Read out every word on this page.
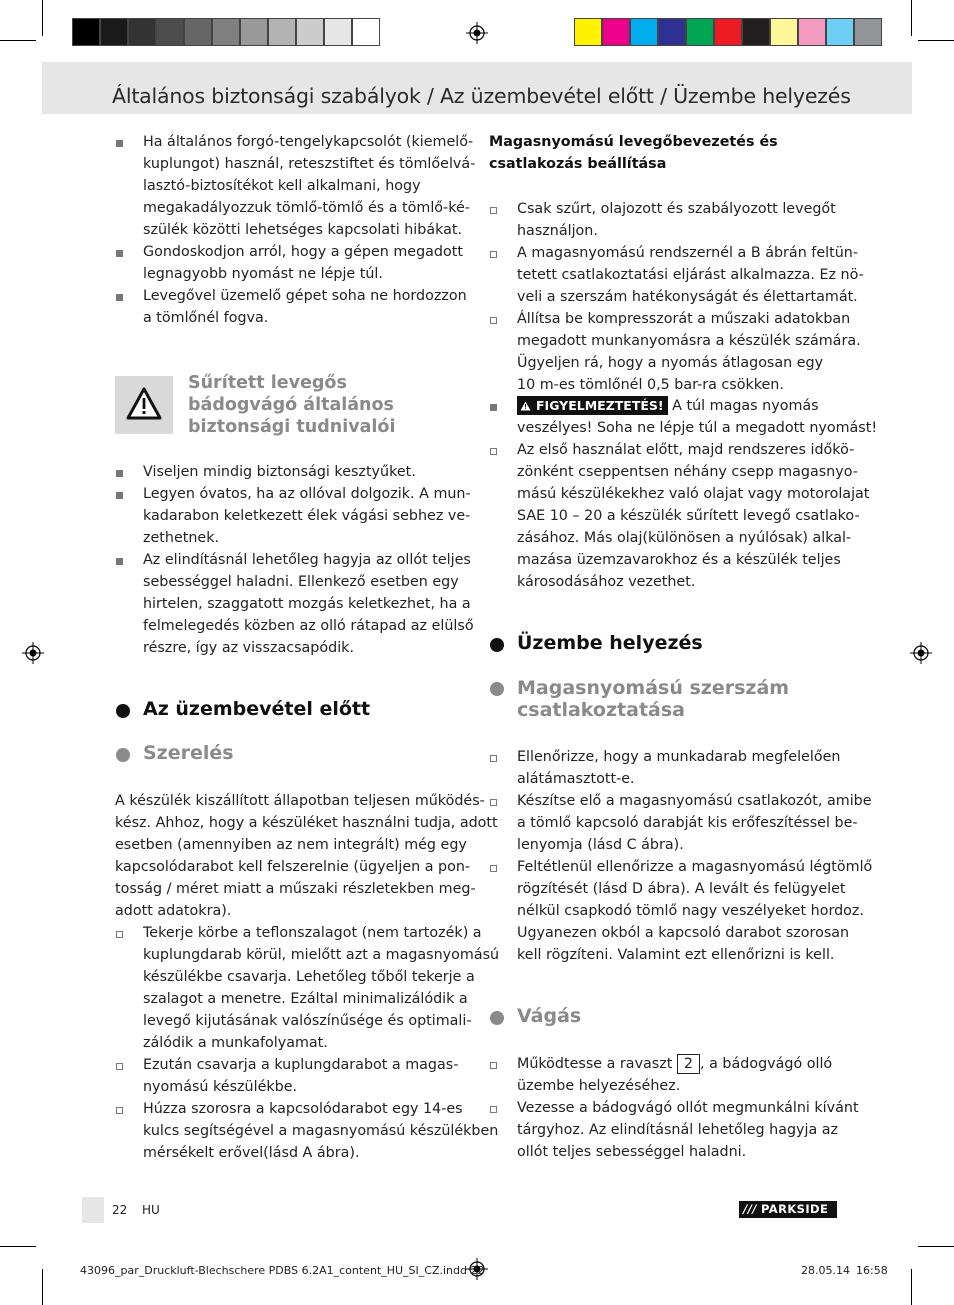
Általános biztonsági szabályok / Az üzembevétel előtt / Üzembe helyezés
Ha általános forgó-tengelykapcsolót (kiemelő-
kuplungot) használ, reteszstiftet és tömlőelvá-
lasztó-biztosítékot kell alkalmani, hogy
megakadályozzuk tömlő-tömlő és a tömlő-ké-
szülék közötti lehetséges kapcsolati hibákat.
Gondoskodjon arról, hogy a gépen megadott
legnagyobb nyomást ne lépje túl.
Levegővel üzemelő gépet soha ne hordozzon
a tömlőnél fogva.
Sűrített levegős
bádogvágó általános
biztonsági tudnivalói
Viseljen mindig biztonsági kesztyűket.
Legyen óvatos, ha az ollóval dolgozik. A mun-
kadarabon keletkezett élek vágási sebhez ve-
zethetnek.
Az elindításnál lehetőleg hagyja az ollót teljes
sebességgel haladni. Ellenkező esetben egy
hirtelen, szaggatott mozgás keletkezhet, ha a
felmelegedés közben az olló rátapad az elülső
részre, így az visszacsapódik.
Az üzembevétel előtt
Szerelés
A készülék kiszállított állapotban teljesen működés-
kész. Ahhoz, hogy a készüléket használni tudja, adott
esetben (amennyiben az nem integrált) még egy
kapcsolódarabot kell felszerelnie (ügyeljen a pon-
tosság / méret miatt a műszaki részletekben meg-
adott adatokra).
Tekerje körbe a teflonszalagot (nem tartozék) a
kuplungdarab körül, mielőtt azt a magasnyomású
készülékbe csavarja. Lehetőleg tőből tekerje a
szalagot a menetre. Ezáltal minimalizálódik a
levegő kijutásának valószínűsége és optimali-
zálódik a munkafolyamat.
Ezután csavarja a kuplungdarabot a magas-
nyomású készülékbe.
Húzza szorosra a kapcsolódarabot egy 14-es
kulcs segítségével a magasnyomású készülékben
mérsékelt erővel(lásd A ábra).
Magasnyomású levegőbevezetés és
csatlakozás beállítása
Csak szűrt, olajozott és szabályozott levegőt
használjon.
A magasnyomású rendszernél a B ábrán feltün-
tetett csatlakoztatási eljárást alkalmazza. Ez nö-
veli a szerszám hatékonyságát és élettartamát.
Állítsa be kompresszorát a műszaki adatokban
megadott munkanyomásra a készülék számára.
Ügyeljen rá, hogy a nyomás átlagosan egy
10 m-es tömlőnél 0,5 bar-ra csökken.
FIGYELMEZTETÉS! A túl magas nyomás
veszélyes! Soha ne lépje túl a megadott nyomást!
Az első használat előtt, majd rendszeres időkö-
zönként cseppentsen néhány csepp magasnyo-
mású készülékekhez való olajat vagy motorolajat
SAE 10 – 20 a készülék sűrített levegő csatlako-
zásához. Más olaj(különösen a nyúlósak) alkal-
mazása üzemzavarokhoz és a készülék teljes
károsodásához vezethet.
Üzembe helyezés
Magasnyomású szerszám
csatlakoztatása
Ellenőrizze, hogy a munkadarab megfelelően
alátámasztott-e.
Készítse elő a magasnyomású csatlakozót, amibe
a tömlő kapcsoló darabját kis erőfeszítéssel be-
lenyomja (lásd C ábra).
Feltétlenül ellenőrizze a magasnyomású légtömlő
rögzítését (lásd D ábra). A levált és felügyelet
nélkül csapkodó tömlő nagy veszélyeket hordoz.
Ugyanezen okból a kapcsoló darabot szorosan
kell rögzíteni. Valamint ezt ellenőrizni is kell.
Vágás
Működtesse a ravaszt 2 , a bádogvágó olló
üzembe helyezéséhez.
Vezesse a bádogvágó ollót megmunkálni kívánt
tárgyhoz. Az elindításnál lehetőleg hagyja az
ollót teljes sebességgel haladni.
22 HU	/// PARKSIDE
43096_par_Druckluft-Blechschere PDBS 6.2A1_content_HU_SI_CZ.indd 22	28.05.14 16:58
